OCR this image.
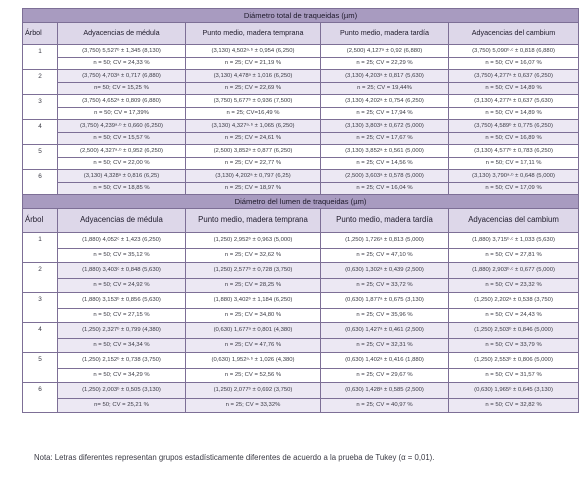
Diámetro total de traqueidas (µm)				
Árbol	Adyacencias de médula	Punto medio, madera temprana	Punto medio, madera tardía	Adyacencias del cambium
1	(3,750) 5,527ᵇ ± 1,345 (8,130)	(3,130) 4,502ᵃ·ᵇ ± 0,954 (6,250)	(2,500) 4,127ᵃ ± 0,92 (6,880)	(3,750) 5,090ᵇ·ᶜ ± 0,818 (6,880)
	n = 50; CV = 24,33 %	n = 25; CV = 21,19 %	n = 25; CV = 22,29 %	n = 50; CV = 16,07 %
2	(3,750) 4,703ᵃ ± 0,717 (6,880)	(3,130) 4,478ᵃ ± 1,016 (6,250)	(3,130) 4,203ᵃ ± 0,817 (5,630)	(3,750) 4,277ᵃ ± 0,637 (6,250)
	n= 50; CV = 15,25 %	n = 25; CV = 22,69 %	n = 25; CV = 19,44%	n = 50; CV = 14,89 %
3	(3,750) 4,652ᵃ ± 0,809 (6,880)	(3,750) 5,677ᵇ ± 0,936 (7,500)	(3,130) 4,202ᵃ ± 0,754 (6,250)	(3,130) 4,277ᵃ ± 0,637 (5,630)
	n = 50; CV = 17,39%	n = 25; CV=16,49 %	n = 25; CV = 17,94 %	n = 50; CV = 14,89 %
4	(3,750) 4,239ᵃ·ᵇ ± 0,660 (6,250)	(3,130) 4,327ᵃ·ᵇ ± 1,065 (6,250)	(3,130) 3,803ᵃ ± 0,672 (5,000)	(3,750) 4,589ᵇ ± 0,775 (6,250)
	n = 50; CV = 15,57 %	n = 25; CV = 24,61 %	n = 25; CV = 17,67 %	n = 50; CV = 16,89 %
5	(2,500) 4,327ᵃ·ᵇ ± 0,952 (6,250)	(2,500) 3,852ᵃ ± 0,877 (6,250)	(3,130) 3,852ᵃ ± 0,561 (5,000)	(3,130) 4,577ᵇ ± 0,783 (6,250)
	n = 50; CV = 22,00 %	n = 25; CV = 22,77 %	n = 25; CV = 14,56 %	n = 50; CV = 17,11 %
6	(3,130) 4,328ᵃ ± 0,816 (6,25)	(3,130) 4,202ᵃ ± 0,797 (6,25)	(2,500) 3,603ᵃ ± 0,578 (5,000)	(3,130) 3,790ᵃ·ᵇ ± 0,648 (5,000)
	n = 50; CV = 18,85 %	n = 25; CV = 18,97 %	n = 25; CV = 16,04 %	n = 50; CV = 17,09 %
Diámetro del lumen de traqueidas (µm)				
Árbol	Adyacencias de médula	Punto medio, madera temprana	Punto medio, madera tardía	Adyacencias del cambium
1	(1,880) 4,052ᶜ ± 1,423 (6,250)	(1,250) 2,952ᵇ ± 0,963 (5,000)	(1,250) 1,726ᵃ ± 0,813 (5,000)	(1,880) 3,715ᵇ·ᶜ ± 1,033 (5,630)
	n = 50; CV = 35,12 %	n = 25; CV = 32,62 %	n = 25; CV = 47,10 %	n = 50; CV = 27,81 %
2	(1,880) 3,403ᶜ ± 0,848 (5,630)	(1,250) 2,577ᵇ ± 0,728 (3,750)	(0,630) 1,302ᵃ ± 0,439 (2,500)	(1,880) 2,903ᵇ·ᶜ ± 0,677 (5,000)
	n = 50; CV = 24,92 %	n = 25; CV = 28,25 %	n = 25; CV = 33,72 %	n = 50; CV = 23,32 %
3	(1,880) 3,153ᵇ ± 0,856 (5,630)	(1,880) 3,402ᵇ ± 1,184 (6,250)	(0,630) 1,877ᵃ ± 0,675 (3,130)	(1,250) 2,202ᵃ ± 0,538 (3,750)
	n = 50; CV = 27,15 %	n = 25; CV = 34,80 %	n = 25; CV = 35,96 %	n = 50; CV = 24,43 %
4	(1,250) 2,327ᵇ ± 0,799 (4,380)	(0,630) 1,677ᵃ ± 0,801 (4,380)	(0,630) 1,427ᵃ ± 0,461 (2,500)	(1,250) 2,503ᵇ ± 0,846 (5,000)
	n = 50; CV = 34,34 %	n = 25; CV = 47,76 %	n = 25; CV = 32,31 %	n = 50; CV = 33,79 %
5	(1,250) 2,152ᵇ ± 0,738 (3,750)	(0,630) 1,952ᵃ·ᵇ ± 1,026 (4,380)	(0,630) 1,402ᵃ ± 0,416 (1,880)	(1,250) 2,553ᵇ ± 0,806 (5,000)
	n = 50; CV = 34,29 %	n = 25; CV = 52,56 %	n = 25; CV = 29,67 %	n = 50; CV = 31,57 %
6	(1,250) 2,003ᵇ ± 0,505 (3,130)	(1,250) 2,077ᵇ ± 0,692 (3,750)	(0,630) 1,428ᵃ ± 0,585 (2,500)	(0,630) 1,965ᵇ ± 0,645 (3,130)
	n= 50; CV = 25,21 %	n = 25; CV = 33,32%	n = 25; CV = 40,97 %	n = 50; CV = 32,82 %
Nota: Letras diferentes representan grupos estadísticamente diferentes de acuerdo a la prueba de Tukey (α = 0,01).
